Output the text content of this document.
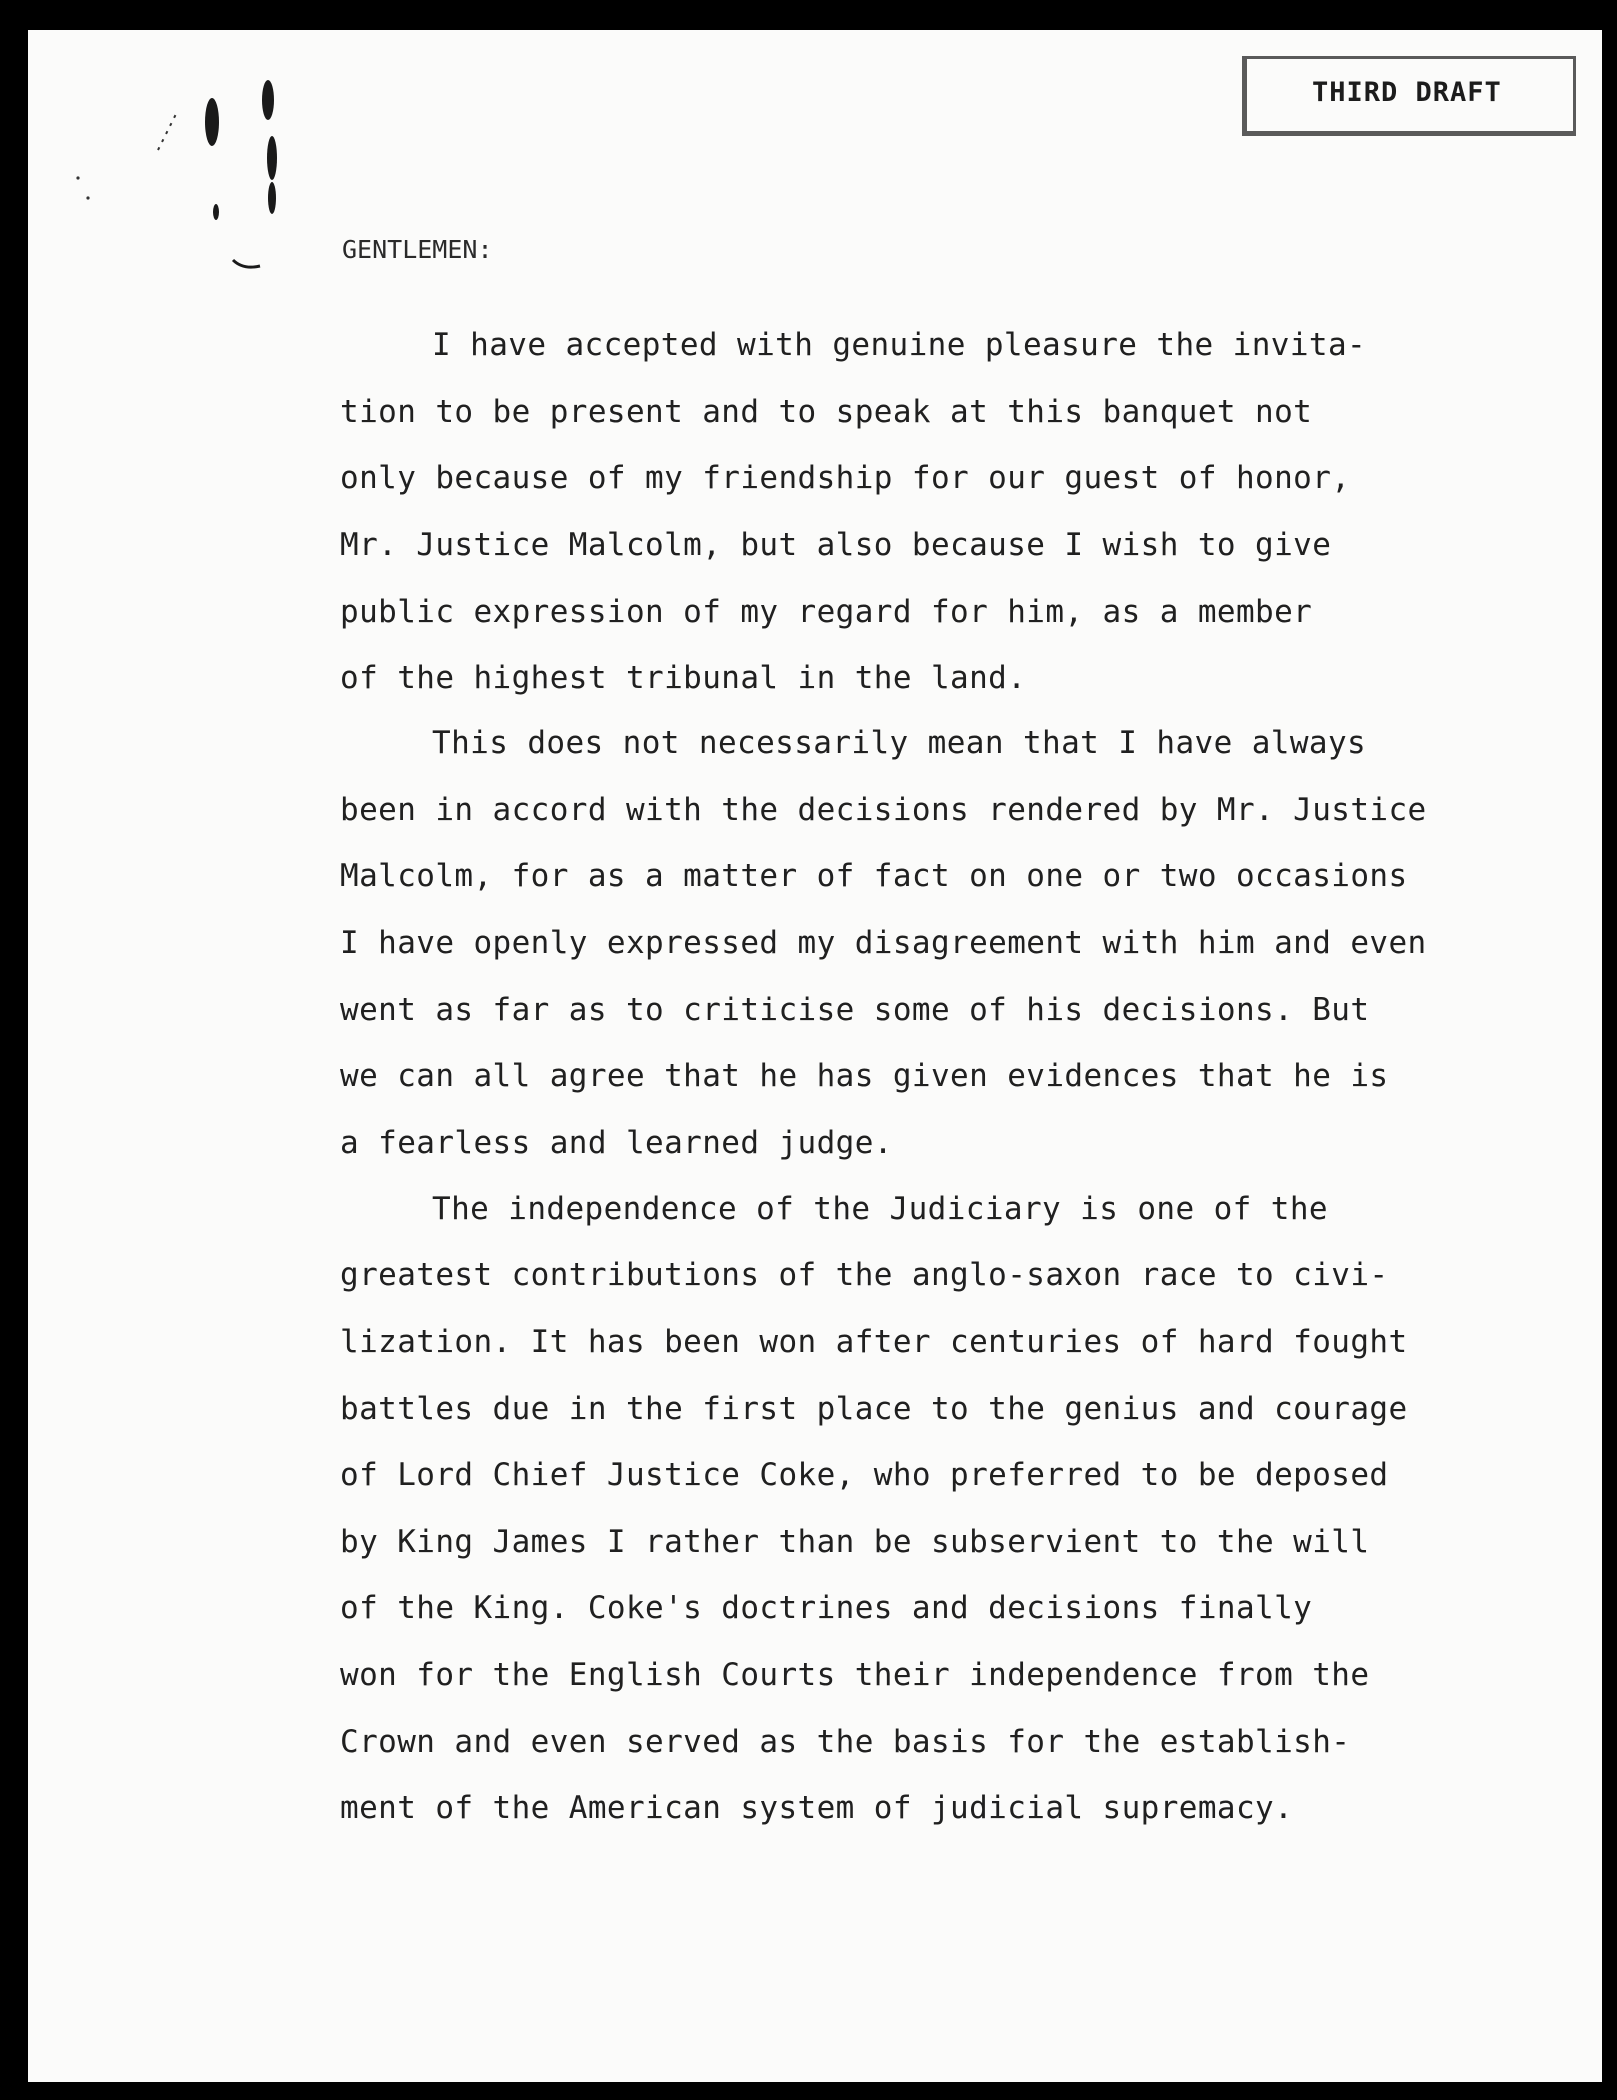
THIRD DRAFT
GENTLEMEN:
I have accepted with genuine pleasure the invita-
tion to be present and to speak at this banquet not
only because of my friendship for our guest of honor,
Mr. Justice Malcolm, but also because I wish to give
public expression of my regard for him, as a member
of the highest tribunal in the land.
This does not necessarily mean that I have always
been in accord with the decisions rendered by Mr. Justice
Malcolm, for as a matter of fact on one or two occasions
I have openly expressed my disagreement with him and even
went as far as to criticise some of his decisions. But
we can all agree that he has given evidences that he is
a fearless and learned judge.
The independence of the Judiciary is one of the
greatest contributions of the anglo-saxon race to civi-
lization. It has been won after centuries of hard fought
battles due in the first place to the genius and courage
of Lord Chief Justice Coke, who preferred to be deposed
by King James I rather than be subservient to the will
of the King. Coke's doctrines and decisions finally
won for the English Courts their independence from the
Crown and even served as the basis for the establish-
ment of the American system of judicial supremacy.
